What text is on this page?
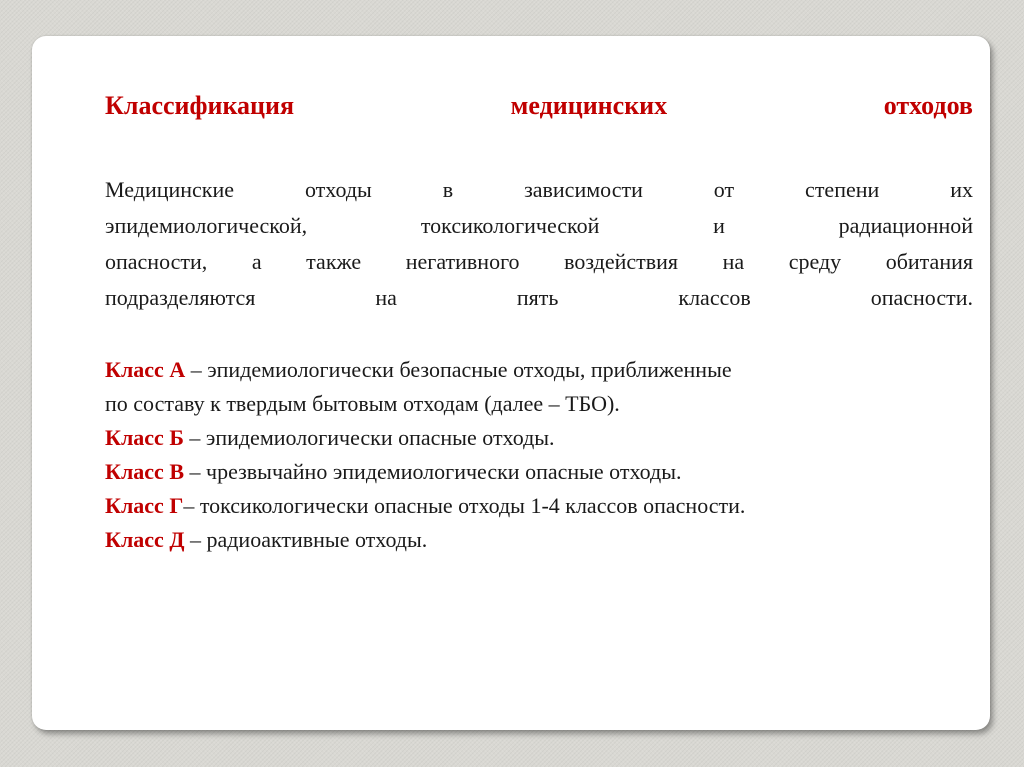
Классификация	медицинских	отходов
Медицинские отходы в зависимости от степени их
эпидемиологической, токсикологической и радиационной
опасности, а также негативного воздействия на среду обитания
подразделяются на пять классов опасности.
Класс А – эпидемиологически безопасные отходы, приближенные
по составу к твердым бытовым отходам (далее – ТБО).
Класс Б – эпидемиологически опасные отходы.
Класс В – чрезвычайно эпидемиологически опасные отходы.
Класс Г– токсикологически опасные отходы 1-4 классов опасности.
Класс Д – радиоактивные отходы.
